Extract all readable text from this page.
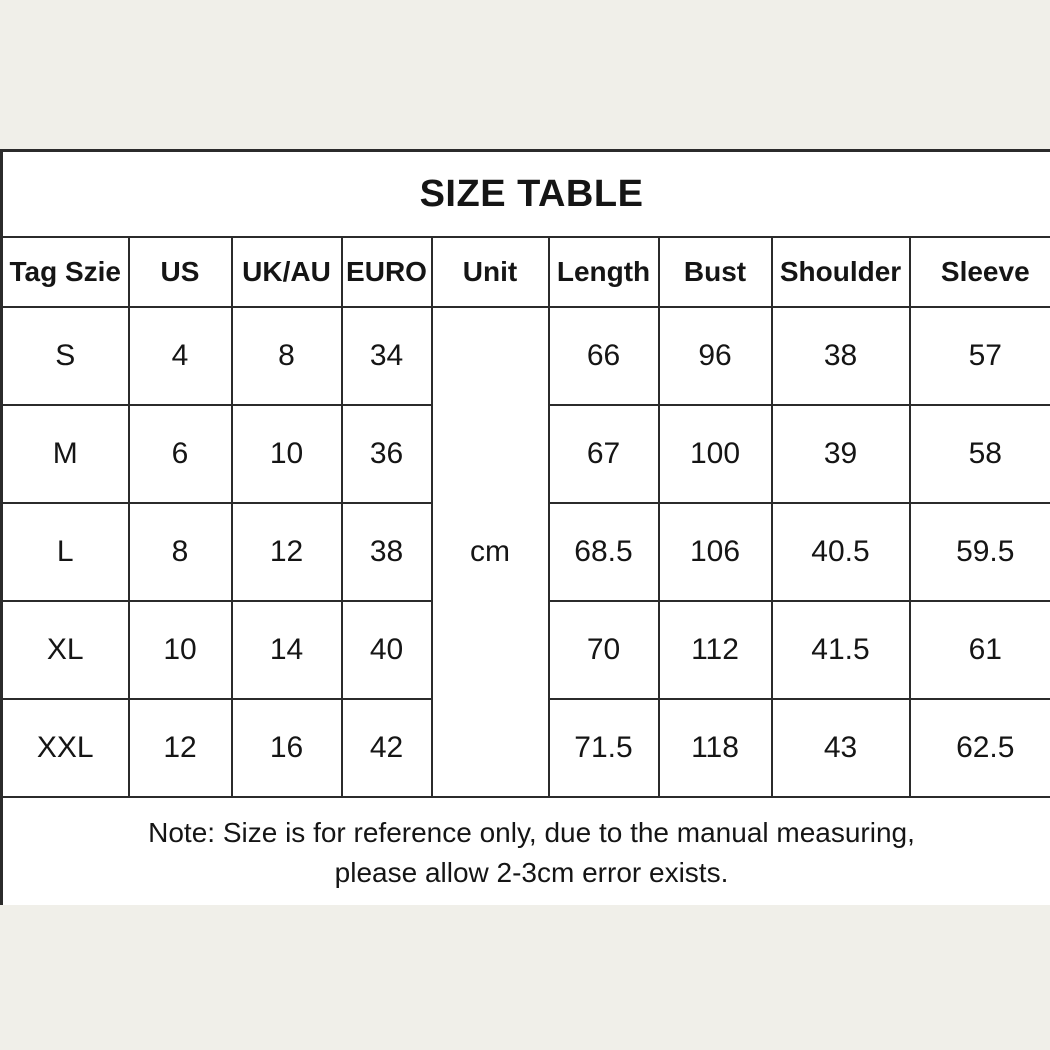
SIZE TABLE								
Tag Szie	US	UK/AU	EURO	Unit	Length	Bust	Shoulder	Sleeve
S	4	8	34	cm	66	96	38	57
M	6	10	36		67	100	39	58
L	8	12	38		68.5	106	40.5	59.5
XL	10	14	40		70	112	41.5	61
XXL	12	16	42		71.5	118	43	62.5

Note: Size is for reference only, due to the manual measuring,
please allow 2-3cm error exists.								
